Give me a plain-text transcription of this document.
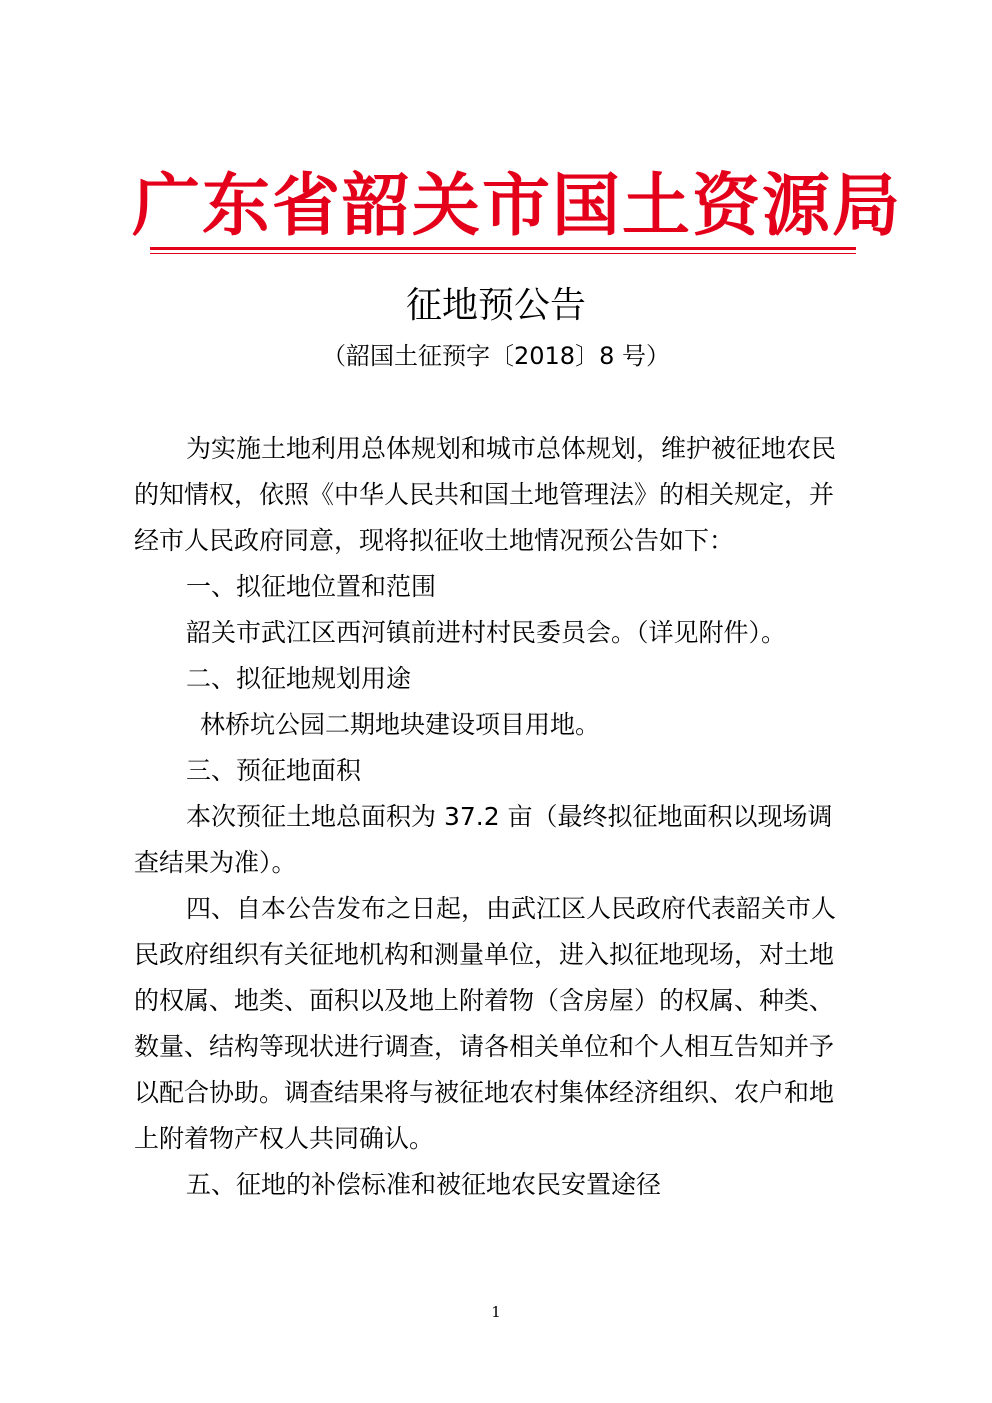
广东省韶关市国土资源局
征地预公告
（韶国土征预字〔2018〕8 号）
为实施土地利用总体规划和城市总体规划，维护被征地农民
的知情权，依照《中华人民共和国土地管理法》的相关规定，并
经市人民政府同意，现将拟征收土地情况预公告如下：
一、拟征地位置和范围
韶关市武江区西河镇前进村村民委员会。（详见附件）。
二、拟征地规划用途
林桥坑公园二期地块建设项目用地。
三、预征地面积
本次预征土地总面积为 37.2 亩（最终拟征地面积以现场调
查结果为准）。
四、自本公告发布之日起，由武江区人民政府代表韶关市人
民政府组织有关征地机构和测量单位，进入拟征地现场，对土地
的权属、地类、面积以及地上附着物（含房屋）的权属、种类、
数量、结构等现状进行调查，请各相关单位和个人相互告知并予
以配合协助。调查结果将与被征地农村集体经济组织、农户和地
上附着物产权人共同确认。
五、征地的补偿标准和被征地农民安置途径
1
